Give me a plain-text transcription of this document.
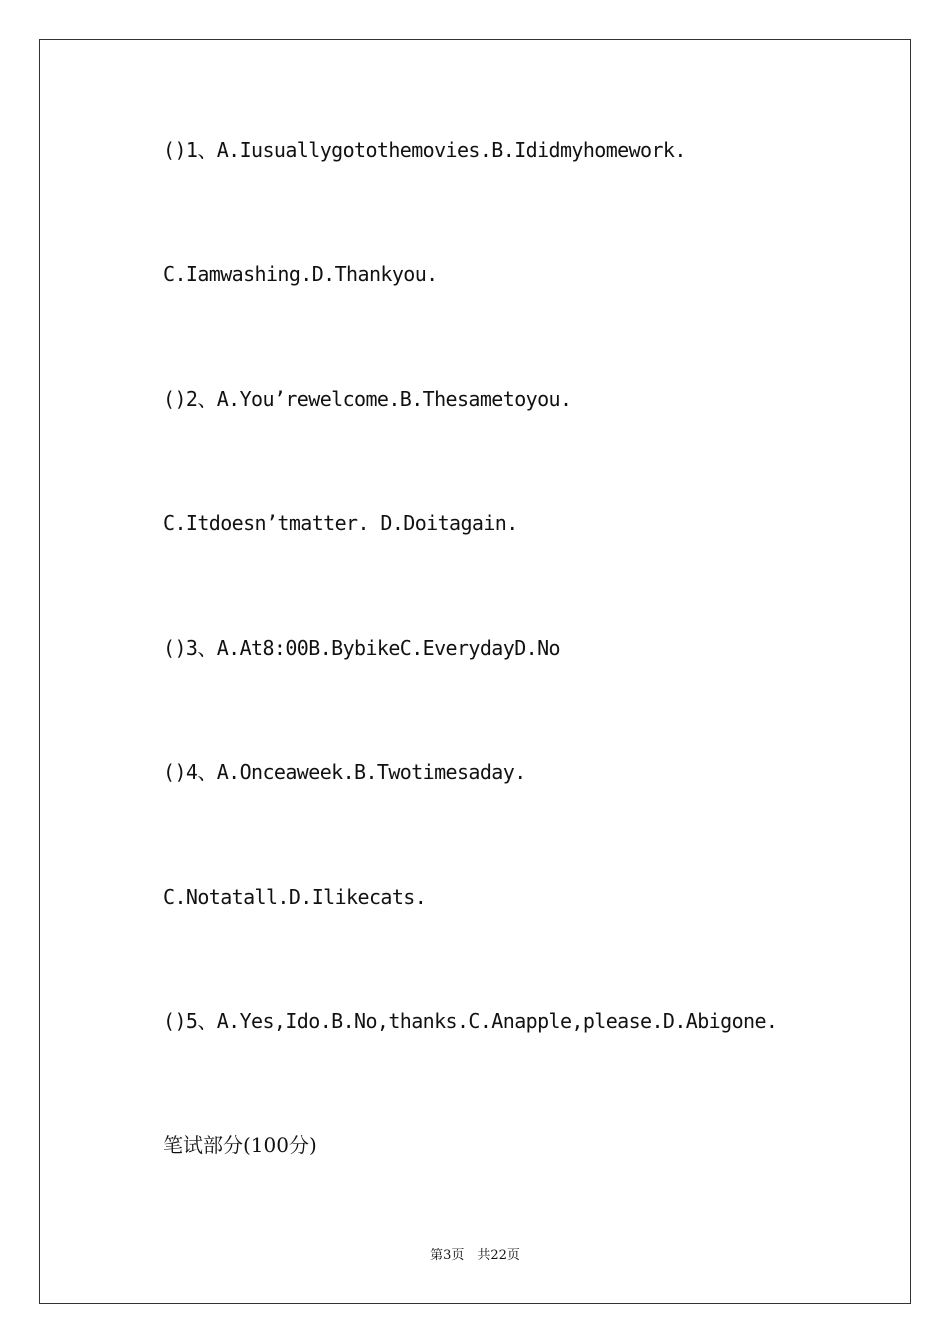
()1、A.Iusuallygotothemovies.B.Ididmyhomework.
C.Iamwashing.D.Thankyou.
()2、A.You’rewelcome.B.Thesametoyou.
C.Itdoesn’tmatter. D.Doitagain.
()3、A.At8:00B.BybikeC.EverydayD.No
()4、A.Onceaweek.B.Twotimesaday.
C.Notatall.D.Ilikecats.
()5、A.Yes,Ido.B.No,thanks.C.Anapple,please.D.Abigone.
笔试部分(100分)
第3页　共22页
